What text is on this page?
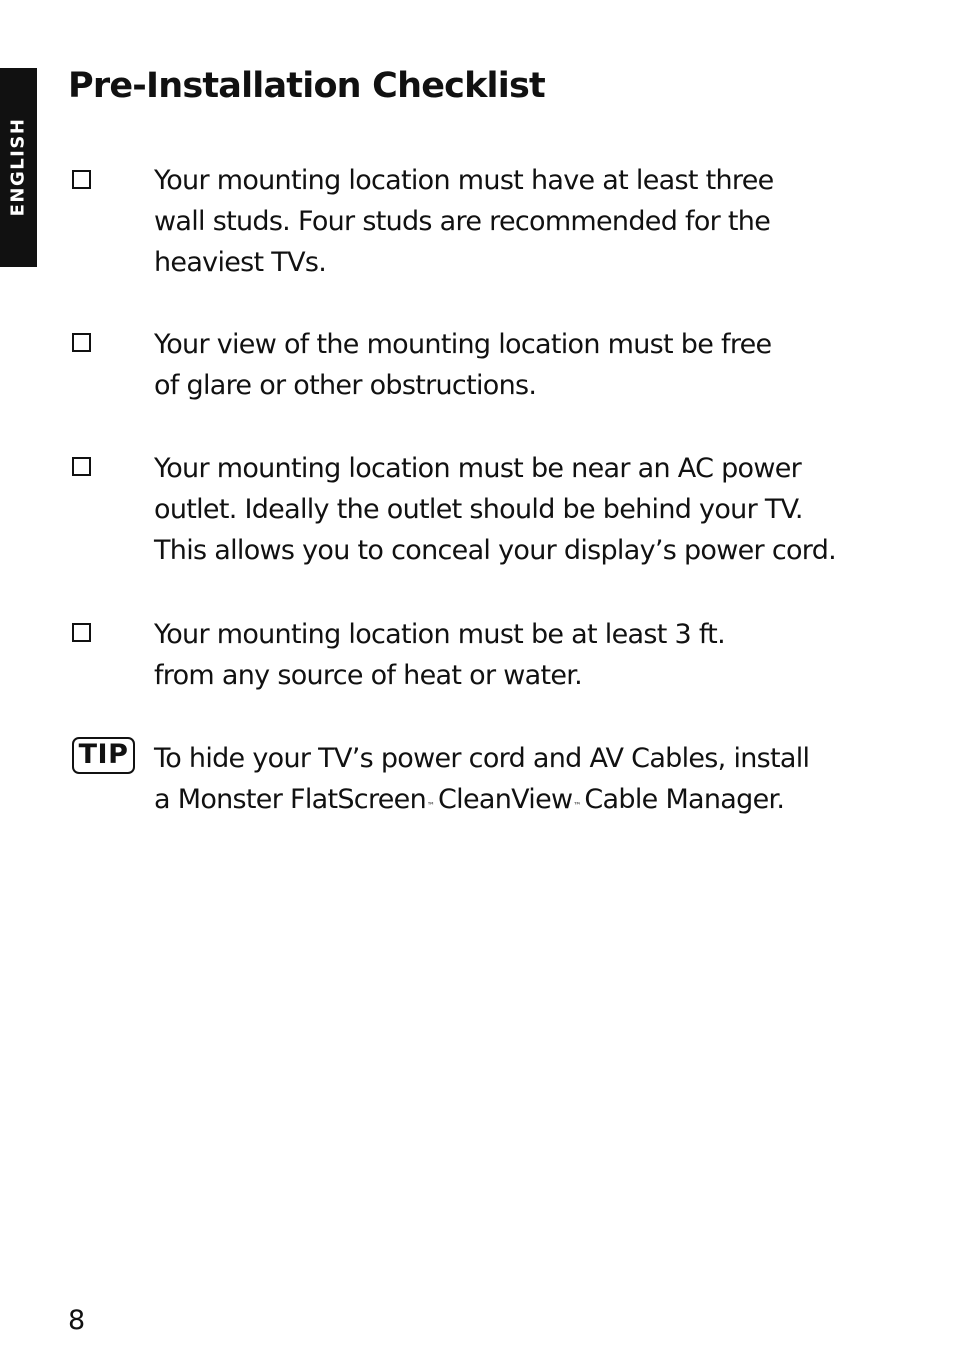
ENGLISH
Pre-Installation Checklist

Your mounting location must have at least three
wall studs. Four studs are recommended for the
heaviest TVs.

Your view of the mounting location must be free
of glare or other obstructions.

Your mounting location must be near an AC power
outlet. Ideally the outlet should be behind your TV.
This allows you to conceal your display’s power cord.

Your mounting location must be at least 3 ft.
from any source of heat or water.

TIP To hide your TV’s power cord and AV Cables, install
a Monster FlatScreen™ CleanView™ Cable Manager.

8
